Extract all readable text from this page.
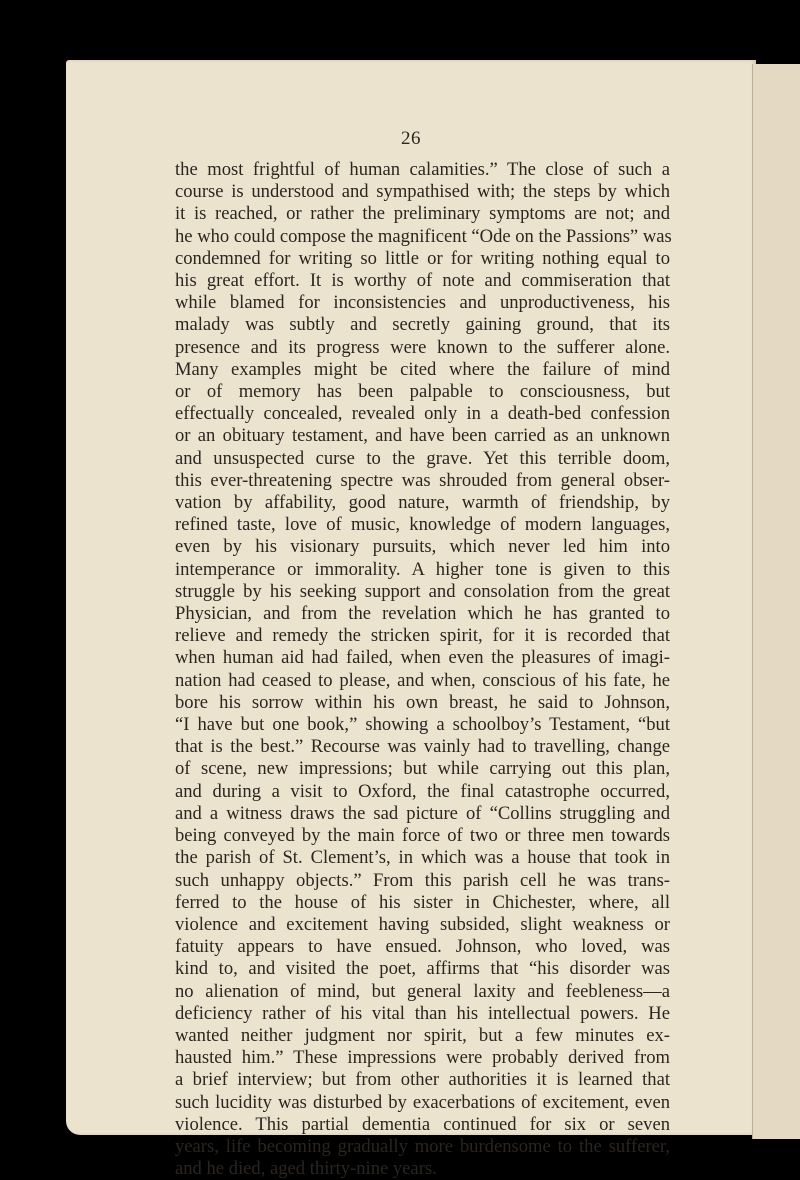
26
the most frightful of human calamities.” The close of such a
course is understood and sympathised with; the steps by which
it is reached, or rather the preliminary symptoms are not; and
he who could compose the magnificent “Ode on the Passions” was
condemned for writing so little or for writing nothing equal to
his great effort. It is worthy of note and commiseration that
while blamed for inconsistencies and unproductiveness, his
malady was subtly and secretly gaining ground, that its
presence and its progress were known to the sufferer alone.
Many examples might be cited where the failure of mind
or of memory has been palpable to consciousness, but
effectually concealed, revealed only in a death-bed confession
or an obituary testament, and have been carried as an unknown
and unsuspected curse to the grave. Yet this terrible doom,
this ever-threatening spectre was shrouded from general obser-
vation by affability, good nature, warmth of friendship, by
refined taste, love of music, knowledge of modern languages,
even by his visionary pursuits, which never led him into
intemperance or immorality. A higher tone is given to this
struggle by his seeking support and consolation from the great
Physician, and from the revelation which he has granted to
relieve and remedy the stricken spirit, for it is recorded that
when human aid had failed, when even the pleasures of imagi-
nation had ceased to please, and when, conscious of his fate, he
bore his sorrow within his own breast, he said to Johnson,
“I have but one book,” showing a schoolboy’s Testament, “but
that is the best.” Recourse was vainly had to travelling, change
of scene, new impressions; but while carrying out this plan,
and during a visit to Oxford, the final catastrophe occurred,
and a witness draws the sad picture of “Collins struggling and
being conveyed by the main force of two or three men towards
the parish of St. Clement’s, in which was a house that took in
such unhappy objects.” From this parish cell he was trans-
ferred to the house of his sister in Chichester, where, all
violence and excitement having subsided, slight weakness or
fatuity appears to have ensued. Johnson, who loved, was
kind to, and visited the poet, affirms that “his disorder was
no alienation of mind, but general laxity and feebleness—a
deficiency rather of his vital than his intellectual powers. He
wanted neither judgment nor spirit, but a few minutes ex-
hausted him.” These impressions were probably derived from
a brief interview; but from other authorities it is learned that
such lucidity was disturbed by exacerbations of excitement, even
violence. This partial dementia continued for six or seven
years, life becoming gradually more burdensome to the sufferer,
and he died, aged thirty-nine years.
